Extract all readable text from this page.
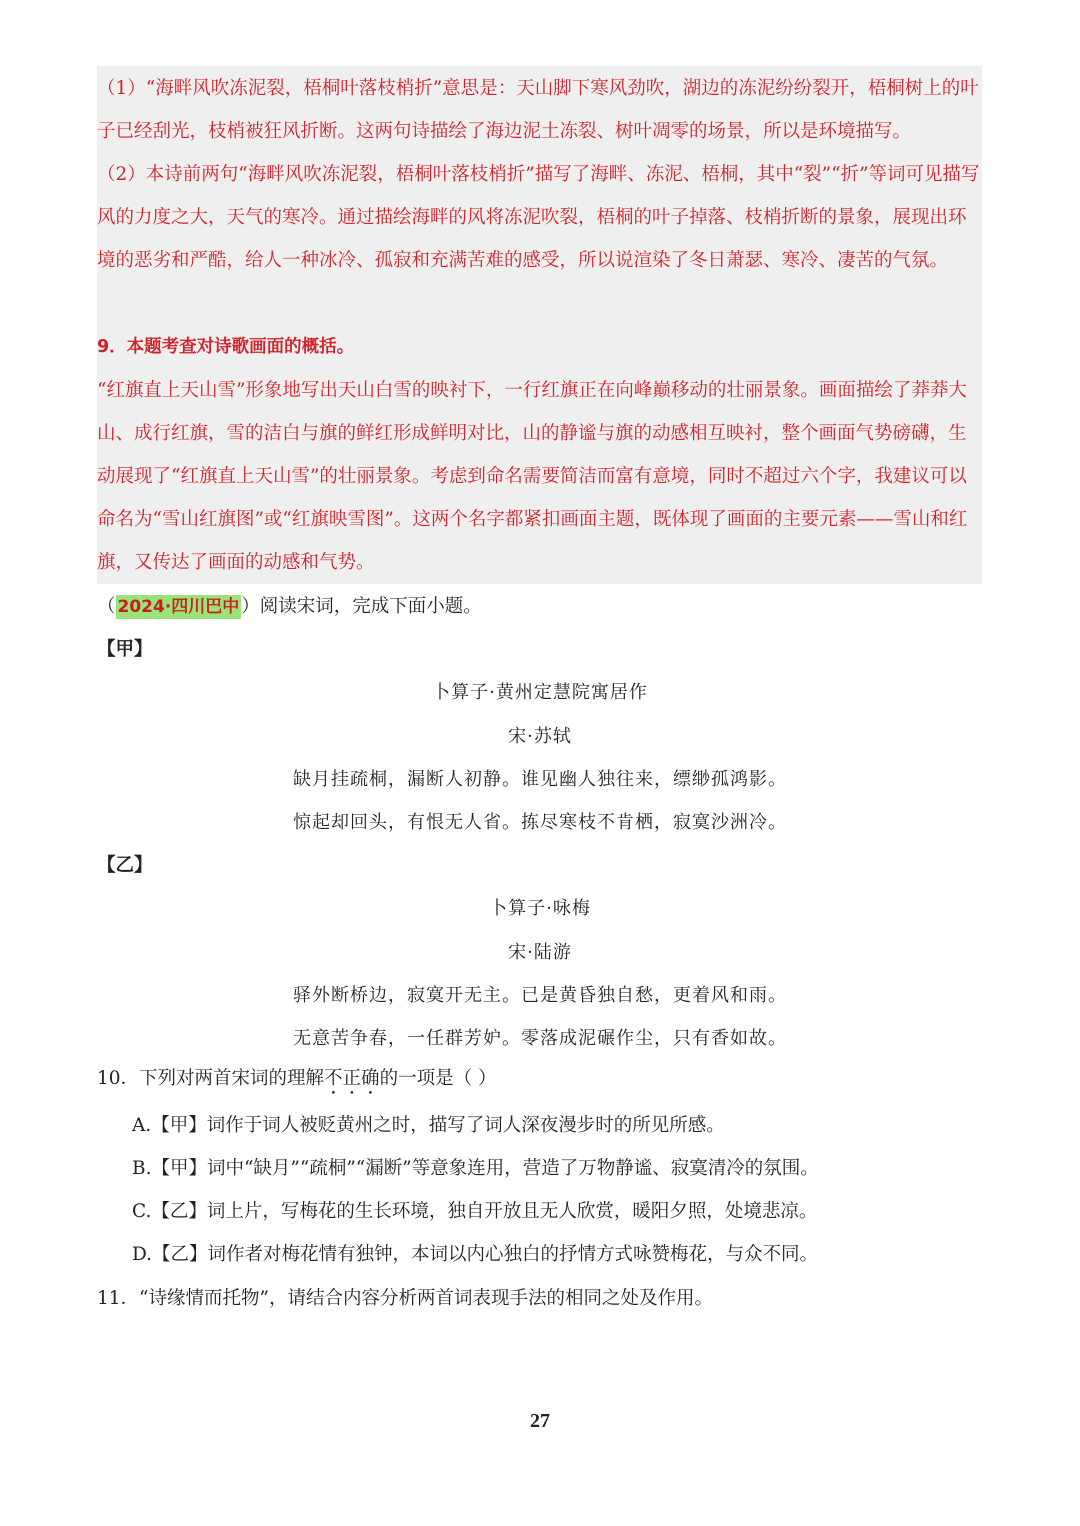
（1）“海畔风吹冻泥裂，梧桐叶落枝梢折”意思是：天山脚下寒风劲吹，湖边的冻泥纷纷裂开，梧桐树上的叶子已经刮光，枝梢被狂风折断。这两句诗描绘了海边泥土冻裂、树叶凋零的场景，所以是环境描写。

（2）本诗前两句“海畔风吹冻泥裂，梧桐叶落枝梢折”描写了海畔、冻泥、梧桐，其中“裂”“折”等词可见描写风的力度之大，天气的寒冷。通过描绘海畔的风将冻泥吹裂，梧桐的叶子掉落、枝梢折断的景象，展现出环境的恶劣和严酷，给人一种冰冷、孤寂和充满苦难的感受，所以说渲染了冬日萧瑟、寒冷、凄苦的气氛。

9．本题考查对诗歌画面的概括。

“红旗直上天山雪”形象地写出天山白雪的映衬下，一行红旗正在向峰巅移动的壮丽景象。画面描绘了莽莽大山、成行红旗，雪的洁白与旗的鲜红形成鲜明对比，山的静谧与旗的动感相互映衬，整个画面气势磅礴，生动展现了“红旗直上天山雪”的壮丽景象。考虑到命名需要简洁而富有意境，同时不超过六个字，我建议可以命名为“雪山红旗图”或“红旗映雪图”。这两个名字都紧扣画面主题，既体现了画面的主要元素——雪山和红旗，又传达了画面的动感和气势。

（ 2024·四川巴中 ）阅读宋词，完成下面小题。
【甲】
卜算子·黄州定慧院寓居作
宋·苏轼
缺月挂疏桐，漏断人初静。谁见幽人独往来，缥缈孤鸿影。
惊起却回头，有恨无人省。拣尽寒枝不肯栖，寂寞沙洲冷。
【乙】
卜算子·咏梅
宋·陆游
驿外断桥边，寂寞开无主。已是黄昏独自愁，更着风和雨。
无意苦争春，一任群芳妒。零落成泥碾作尘，只有香如故。
10．下列对两首宋词的理解不正确的一项是（ ）
A.【甲】词作于词人被贬黄州之时，描写了词人深夜漫步时的所见所感。
B.【甲】词中“缺月”“疏桐”“漏断”等意象连用，营造了万物静谧、寂寞清冷的氛围。
C.【乙】词上片，写梅花的生长环境，独自开放且无人欣赏，暖阳夕照，处境悲凉。
D.【乙】词作者对梅花情有独钟，本词以内心独白的抒情方式咏赞梅花，与众不同。
11．“诗缘情而托物”，请结合内容分析两首词表现手法的相同之处及作用。
27
